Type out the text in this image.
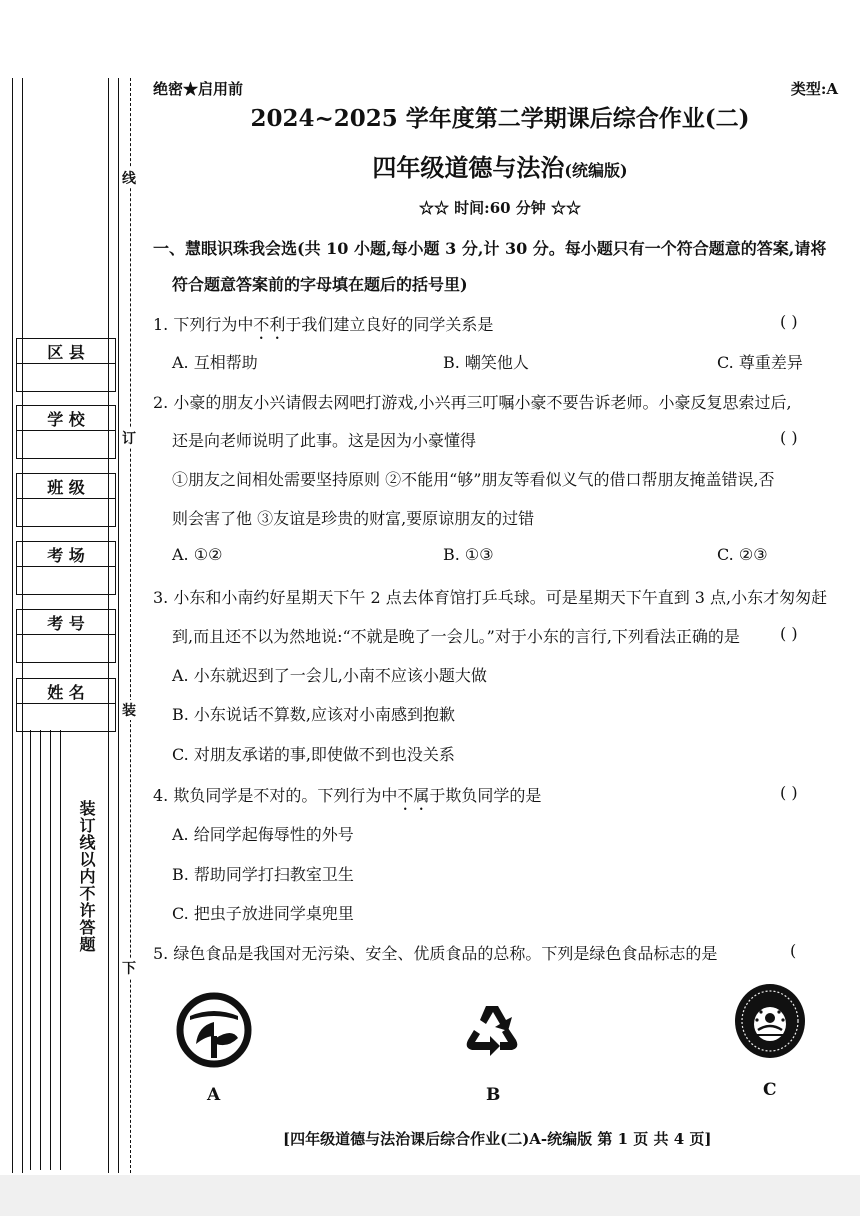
线
订
装
下
区 县
学 校
班 级
考 场
考 号
姓 名
装订线以内不许答题
绝密★启用前	类型:A
2024~2025 学年度第二学期课后综合作业(二)
四年级道德与法治(统编版)
☆☆ 时间:60 分钟 ☆☆
一、慧眼识珠我会选(共 10 小题,每小题 3 分,计 30 分。每小题只有一个符合题意的答案,请将
符合题意答案前的字母填在题后的括号里)
1. 下列行为中不利于我们建立良好的同学关系是	( )
A. 互相帮助	B. 嘲笑他人	C. 尊重差异
2. 小豪的朋友小兴请假去网吧打游戏,小兴再三叮嘱小豪不要告诉老师。小豪反复思索过后,
还是向老师说明了此事。这是因为小豪懂得	( )
①朋友之间相处需要坚持原则 ②不能用“够”朋友等看似义气的借口帮朋友掩盖错误,否
则会害了他 ③友谊是珍贵的财富,要原谅朋友的过错
A. ①②	B. ①③	C. ②③
3. 小东和小南约好星期天下午 2 点去体育馆打乒乓球。可是星期天下午直到 3 点,小东才匆匆赶
到,而且还不以为然地说:“不就是晚了一会儿。”对于小东的言行,下列看法正确的是	( )
A. 小东就迟到了一会儿,小南不应该小题大做
B. 小东说话不算数,应该对小南感到抱歉
C. 对朋友承诺的事,即使做不到也没关系
4. 欺负同学是不对的。下列行为中不属于欺负同学的是	( )
A. 给同学起侮辱性的外号
B. 帮助同学打扫教室卫生
C. 把虫子放进同学桌兜里
5. 绿色食品是我国对无污染、安全、优质食品的总称。下列是绿色食品标志的是	(
A	B	C
[四年级道德与法治课后综合作业(二)A-统编版 第 1 页 共 4 页]
